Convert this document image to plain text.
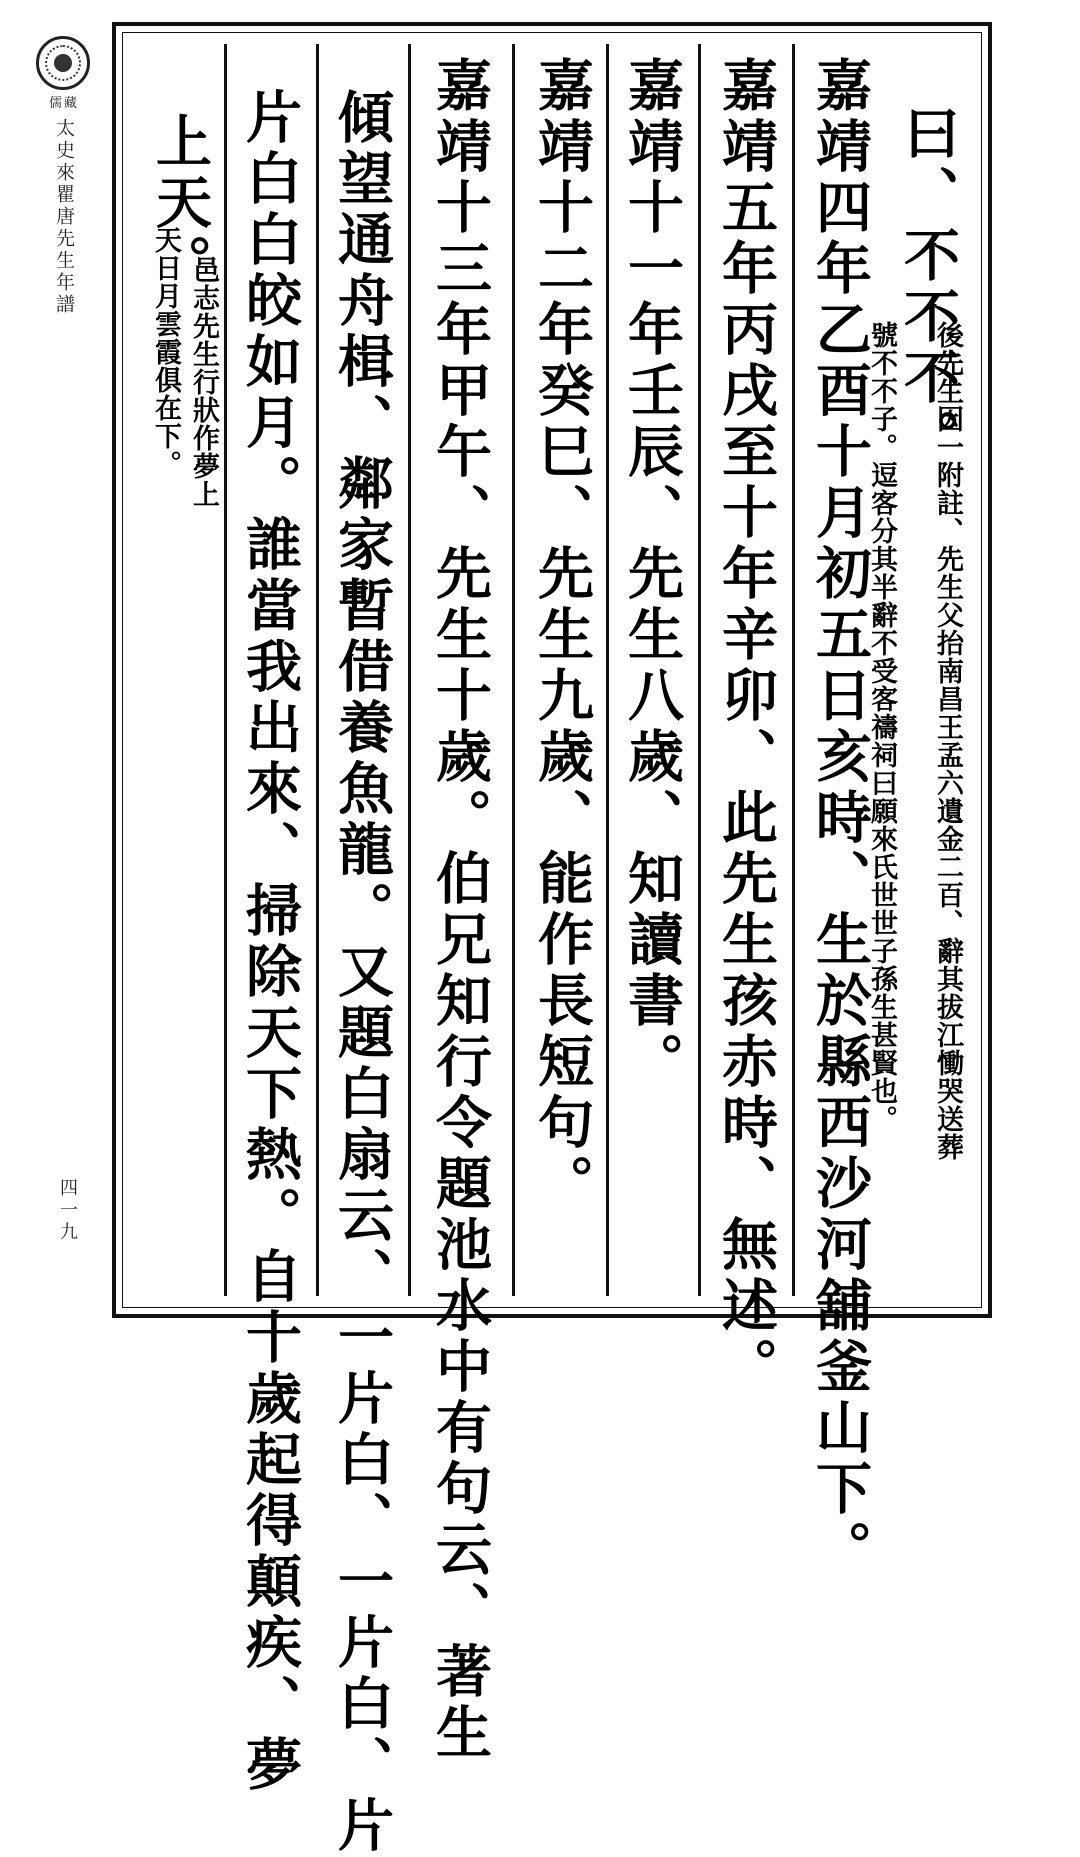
儒藏
太史來瞿唐先生年譜
四一九
曰、不不不。
後先生因一附註、先生父抬南昌王孟六遺金二百、辭其拔江慟哭送葬
號不不子。逗客分其半辭不受客禱祠曰願來氏世世子孫生甚賢也。
嘉靖四年乙酉十月初五日亥時、生於縣西沙河舖釜山下。
嘉靖五年丙戌至十年辛卯、此先生孩赤時、無述。
嘉靖十一年壬辰、先生八歲、知讀書。
嘉靖十二年癸巳、先生九歲、能作長短句。
嘉靖十三年甲午、先生十歲。伯兄知行令題池水中有句云、著生
傾望通舟楫、鄰家暫借養魚龍。又題白扇云、一片白、一片白、片
片白白皎如月。誰當我出來、掃除天下熱。自十歲起得顛疾、夢
上天。
天日月雲霞俱在下。 邑志先生行狀作夢上
